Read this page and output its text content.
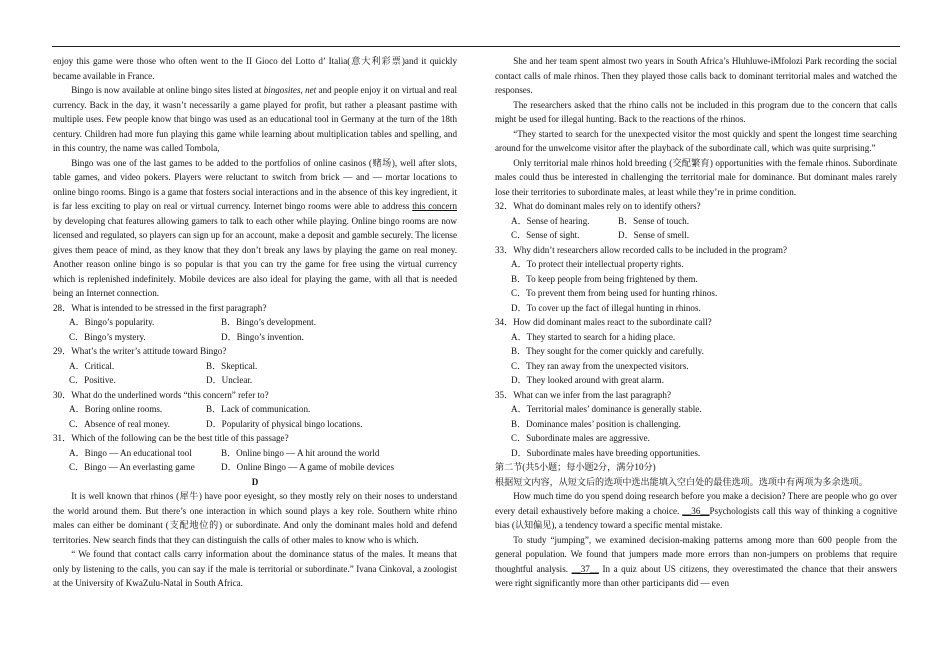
enjoy this game were those who often went to the II Gioco del Lotto d’ Italia(意大利彩票)and it quickly became available in France.

Bingo is now available at online bingo sites listed at bingosites, net and people enjoy it on virtual and real currency. Back in the day, it wasn’t necessarily a game played for profit, but rather a pleasant pastime with multiple uses. Few people know that bingo was used as an educational tool in Germany at the turn of the 18th century. Children had more fun playing this game while learning about multiplication tables and spelling, and in this country, the name was called Tombola,

Bingo was one of the last games to be added to the portfolios of online casinos (赌场), well after slots, table games, and video pokers. Players were reluctant to switch from brick — and — mortar locations to online bingo rooms. Bingo is a game that fosters social interactions and in the absence of this key ingredient, it is far less exciting to play on real or virtual currency. Internet bingo rooms were able to address this concern by developing chat features allowing gamers to talk to each other while playing. Online bingo rooms are now licensed and regulated, so players can sign up for an account, make a deposit and gamble securely. The license gives them peace of mind, as they know that they don’t break any laws by playing the game on real money. Another reason online bingo is so popular is that you can try the game for free using the virtual currency which is replenished indefinitely. Mobile devices are also ideal for playing the game, with all that is needed being an Internet connection.

28．What is intended to be stressed in the first paragraph?

A．Bingo’s popularity.	B．Bingo’s development.

C．Bingo’s mystery.	D．Bingo’s invention.

29．What’s the writer’s attitude toward Bingo?

A．Critical.	B．Skeptical.

C．Positive.	D．Unclear.

30．What do the underlined words “this concern” refer to?

A．Boring online rooms.	B．Lack of communication.

C．Absence of real money.	D．Popularity of physical bingo locations.

31．Which of the following can be the best title of this passage?

A．Bingo — An educational tool	B．Online bingo — A hit around the world

C．Bingo — An everlasting game	D．Online Bingo — A game of mobile devices

D

It is well known that rhinos (犀牛) have poor eyesight, so they mostly rely on their noses to understand the world around them. But there’s one interaction in which sound plays a key role. Southern white rhino males can either be dominant (支配地位的) or subordinate. And only the dominant males hold and defend territories. New search finds that they can distinguish the calls of other males to know who is which.

“ We found that contact calls carry information about the dominance status of the males. It means that only by listening to the calls, you can say if the male is territorial or subordinate.” Ivana Cinkoval, a zoologist at the University of KwaZulu-Natal in South Africa.

She and her team spent almost two years in South Africa’s Hluhluwe-iMfolozi Park recording the social contact calls of male rhinos. Then they played those calls back to dominant territorial males and watched the responses.

The researchers asked that the rhino calls not be included in this program due to the concern that calls might be used for illegal hunting. Back to the reactions of the rhinos.

“They started to search for the unexpected visitor the most quickly and spent the longest time searching around for the unwelcome visitor after the playback of the subordinate call, which was quite surprising.”

Only territorial male rhinos hold breeding (交配繁育) opportunities with the female rhinos. Subordinate males could thus be interested in challenging the territorial male for dominance. But dominant males rarely lose their territories to subordinate males, at least while they’re in prime condition.

32．What do dominant males rely on to identify others?

A．Sense of hearing.	B．Sense of touch.

C．Sense of sight.	D．Sense of smell.

33．Why didn’t researchers allow recorded calls to be included in the program?

A．To protect their intellectual property rights.

B．To keep people from being frightened by them.

C．To prevent them from being used for hunting rhinos.

D．To cover up the fact of illegal hunting in rhinos.

34．How did dominant males react to the subordinate call?

A．They started to search for a hiding place.

B．They sought for the comer quickly and carefully.

C．They ran away from the unexpected visitors.

D．They looked around with great alarm.

35．What can we infer from the last paragraph?

A．Territorial males’ dominance is generally stable.

B．Dominance males’ position is challenging.

C．Subordinate males are aggressive.

D．Subordinate males have breeding opportunities.

第二节(共5小题；每小题2分，满分10分)

根据短文内容，从短文后的选项中选出能填入空白处的最佳选项。选项中有两项为多余选项。

How much time do you spend doing research before you make a decision? There are people who go over every detail exhaustively before making a choice. __36__Psychologists call this way of thinking a cognitive bias (认知偏见), a tendency toward a specific mental mistake.

To study “jumping”, we examined decision-making patterns among more than 600 people from the general population. We found that jumpers made more errors than non-jumpers on problems that require thoughtful analysis. __37__ In a quiz about US citizens, they overestimated the chance that their answers were right significantly more than other participants did — even
